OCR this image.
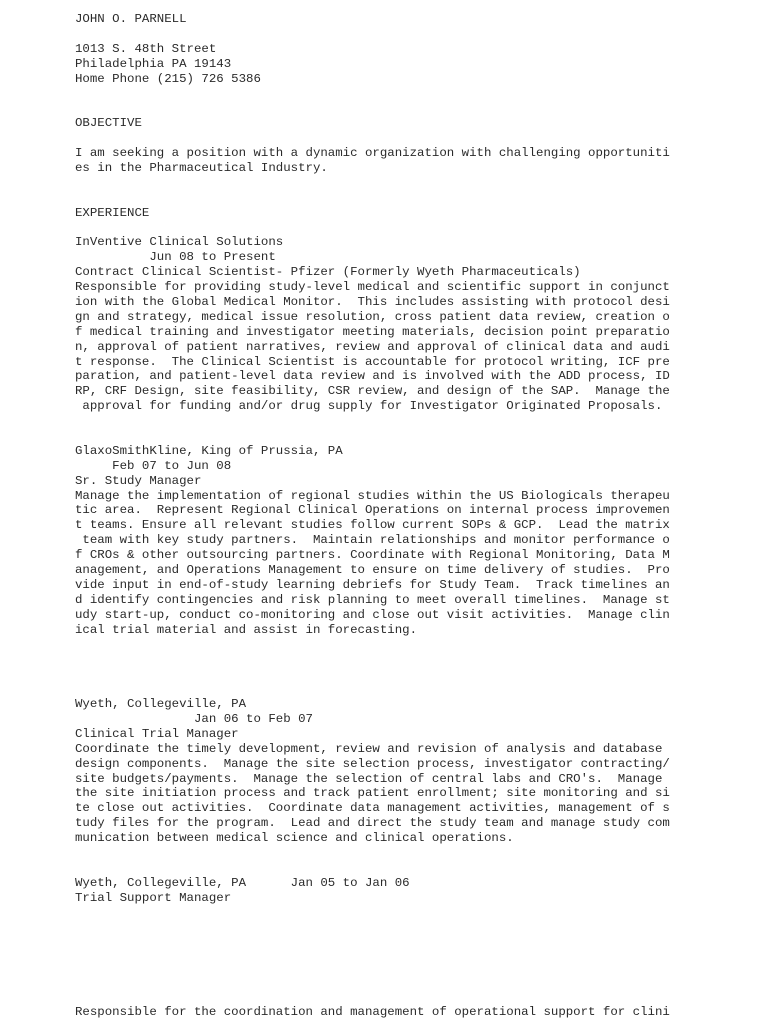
JOHN O. PARNELL
1013 S. 48th Street
Philadelphia PA 19143
Home Phone (215) 726 5386
OBJECTIVE
I am seeking a position with a dynamic organization with challenging opportuniti
es in the Pharmaceutical Industry.
EXPERIENCE
InVentive Clinical Solutions
Jun 08 to Present
Contract Clinical Scientist- Pfizer (Formerly Wyeth Pharmaceuticals)
Responsible for providing study-level medical and scientific support in conjunct
ion with the Global Medical Monitor.  This includes assisting with protocol desi
gn and strategy, medical issue resolution, cross patient data review, creation o
f medical training and investigator meeting materials, decision point preparatio
n, approval of patient narratives, review and approval of clinical data and audi
t response.  The Clinical Scientist is accountable for protocol writing, ICF pre
paration, and patient-level data review and is involved with the ADD process, ID
RP, CRF Design, site feasibility, CSR review, and design of the SAP.  Manage the
approval for funding and/or drug supply for Investigator Originated Proposals.
GlaxoSmithKline, King of Prussia, PA
Feb 07 to Jun 08
Sr. Study Manager
Manage the implementation of regional studies within the US Biologicals therapeu
tic area.  Represent Regional Clinical Operations on internal process improvemen
t teams. Ensure all relevant studies follow current SOPs & GCP.  Lead the matrix
team with key study partners.  Maintain relationships and monitor performance o
f CROs & other outsourcing partners. Coordinate with Regional Monitoring, Data M
anagement, and Operations Management to ensure on time delivery of studies.  Pro
vide input in end-of-study learning debriefs for Study Team.  Track timelines an
d identify contingencies and risk planning to meet overall timelines.  Manage st
udy start-up, conduct co-monitoring and close out visit activities.  Manage clin
ical trial material and assist in forecasting.
Wyeth, Collegeville, PA
Jan 06 to Feb 07
Clinical Trial Manager
Coordinate the timely development, review and revision of analysis and database
design components.  Manage the site selection process, investigator contracting/
site budgets/payments.  Manage the selection of central labs and CRO's.  Manage
the site initiation process and track patient enrollment; site monitoring and si
te close out activities.  Coordinate data management activities, management of s
tudy files for the program.  Lead and direct the study team and manage study com
munication between medical science and clinical operations.
Wyeth, Collegeville, PA      Jan 05 to Jan 06
Trial Support Manager
Responsible for the coordination and management of operational support for clini
